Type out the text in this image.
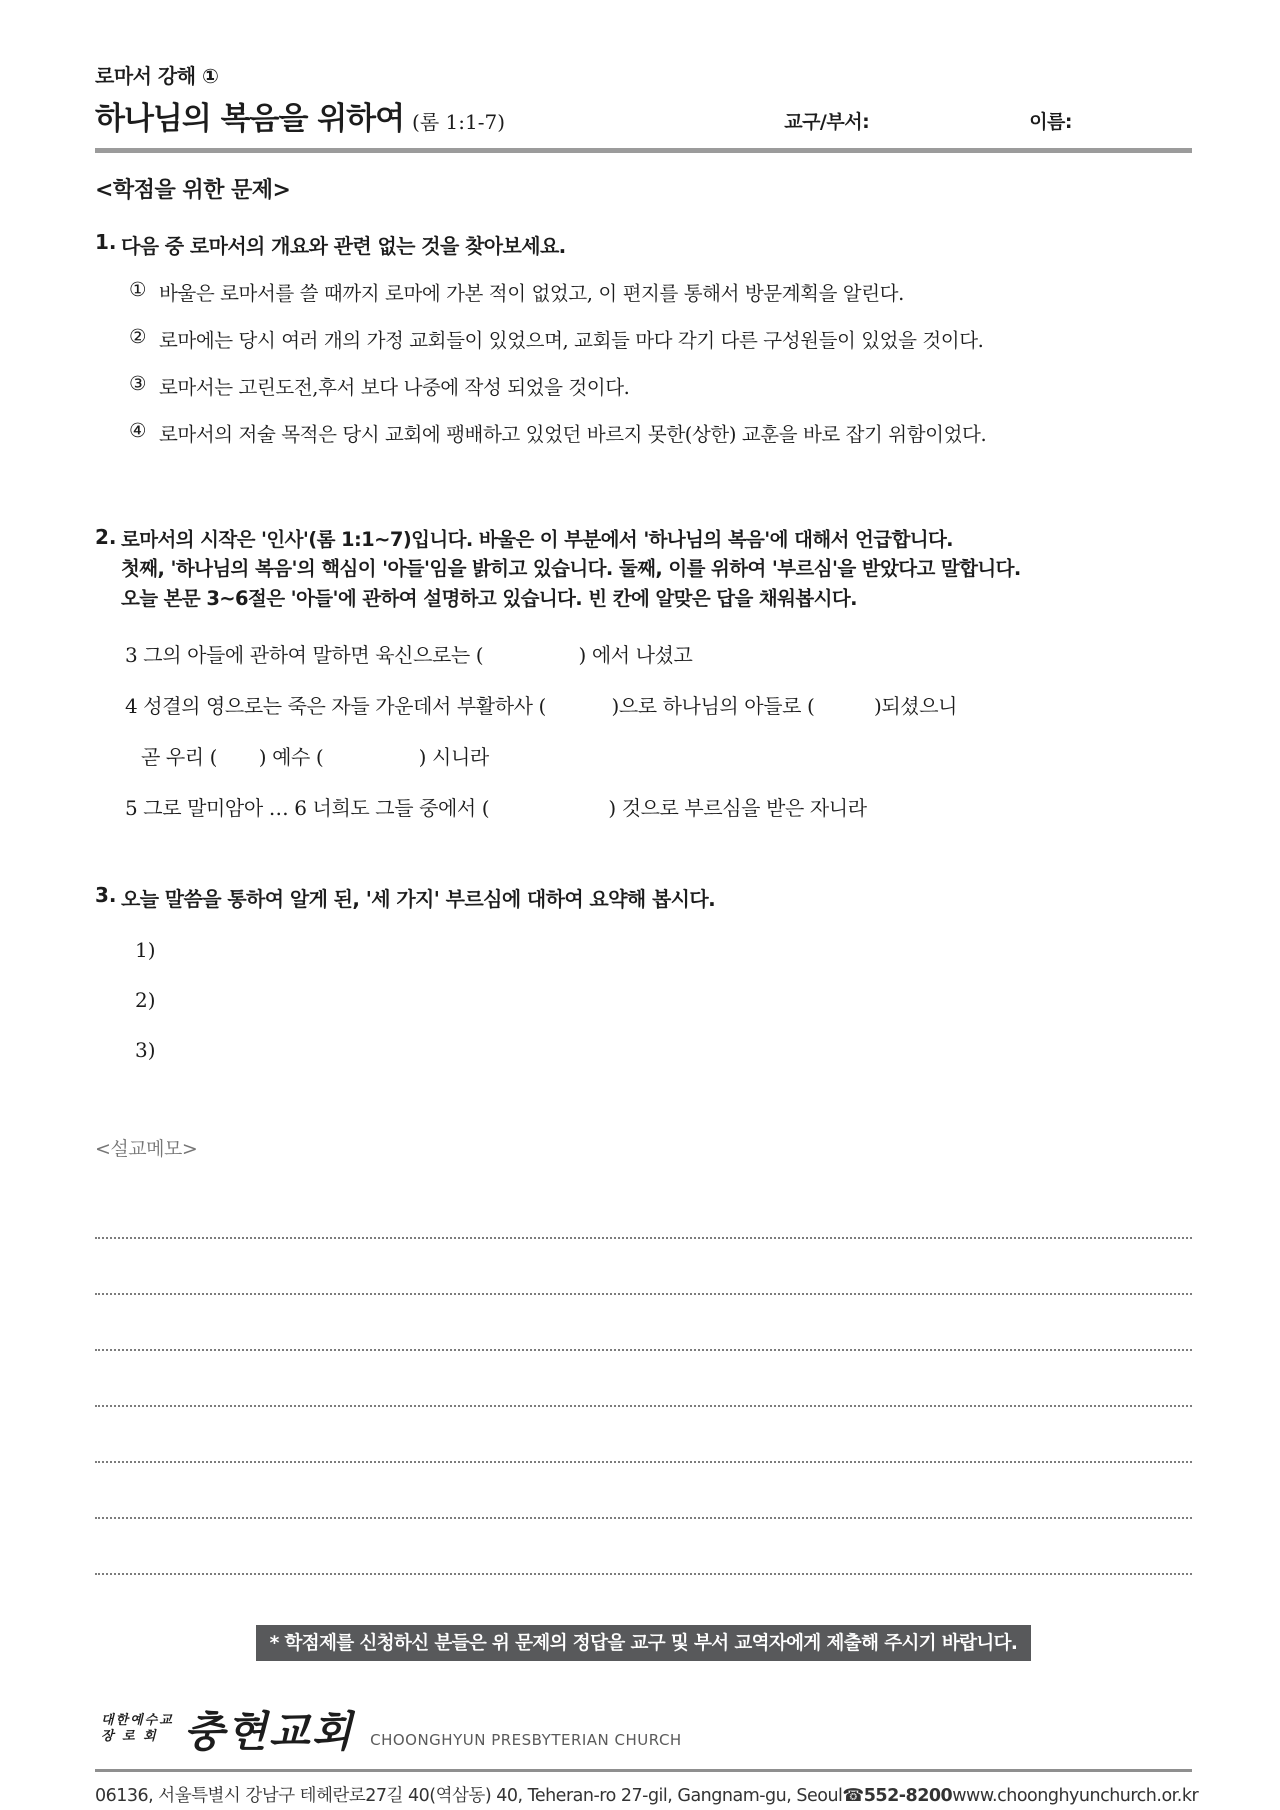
로마서 강해 ①
하나님의 복음을 위하여 (롬 1:1-7)	교구/부서:	이름:
<학점을 위한 문제>
1. 다음 중 로마서의 개요와 관련 없는 것을 찾아보세요.
① 바울은 로마서를 쓸 때까지 로마에 가본 적이 없었고, 이 편지를 통해서 방문계획을 알린다.
② 로마에는 당시 여러 개의 가정 교회들이 있었으며, 교회들 마다 각기 다른 구성원들이 있었을 것이다.
③ 로마서는 고린도전,후서 보다 나중에 작성 되었을 것이다.
④ 로마서의 저술 목적은 당시 교회에 팽배하고 있었던 바르지 못한(상한) 교훈을 바로 잡기 위함이었다.
2. 로마서의 시작은 '인사'(롬 1:1~7)입니다. 바울은 이 부분에서 '하나님의 복음'에 대해서 언급합니다.
첫째, '하나님의 복음'의 핵심이 '아들'임을 밝히고 있습니다. 둘째, 이를 위하여 '부르심'을 받았다고 말합니다.
오늘 본문 3~6절은 '아들'에 관하여 설명하고 있습니다. 빈 칸에 알맞은 답을 채워봅시다.
3 그의 아들에 관하여 말하면 육신으로는 (                ) 에서 나셨고
4 성결의 영으로는 죽은 자들 가운데서 부활하사 (           )으로 하나님의 아들로 (          )되셨으니
곧 우리 (       ) 예수 (                ) 시니라
5 그로 말미암아 … 6 너희도 그들 중에서 (                    ) 것으로 부르심을 받은 자니라
3. 오늘 말씀을 통하여 알게 된, '세 가지' 부르심에 대하여 요약해 봅시다.
1)
2)
3)
<설교메모>
* 학점제를 신청하신 분들은 위 문제의 정답을 교구 및 부서 교역자에게 제출해 주시기 바랍니다.
대한예수교
장 로 회 충현교회 CHOONGHYUN PRESBYTERIAN CHURCH
06136, 서울특별시 강남구 테헤란로27길 40(역삼동) 40, Teheran-ro 27-gil, Gangnam-gu, Seoul ☎552-8200 www.choonghyunchurch.or.kr
